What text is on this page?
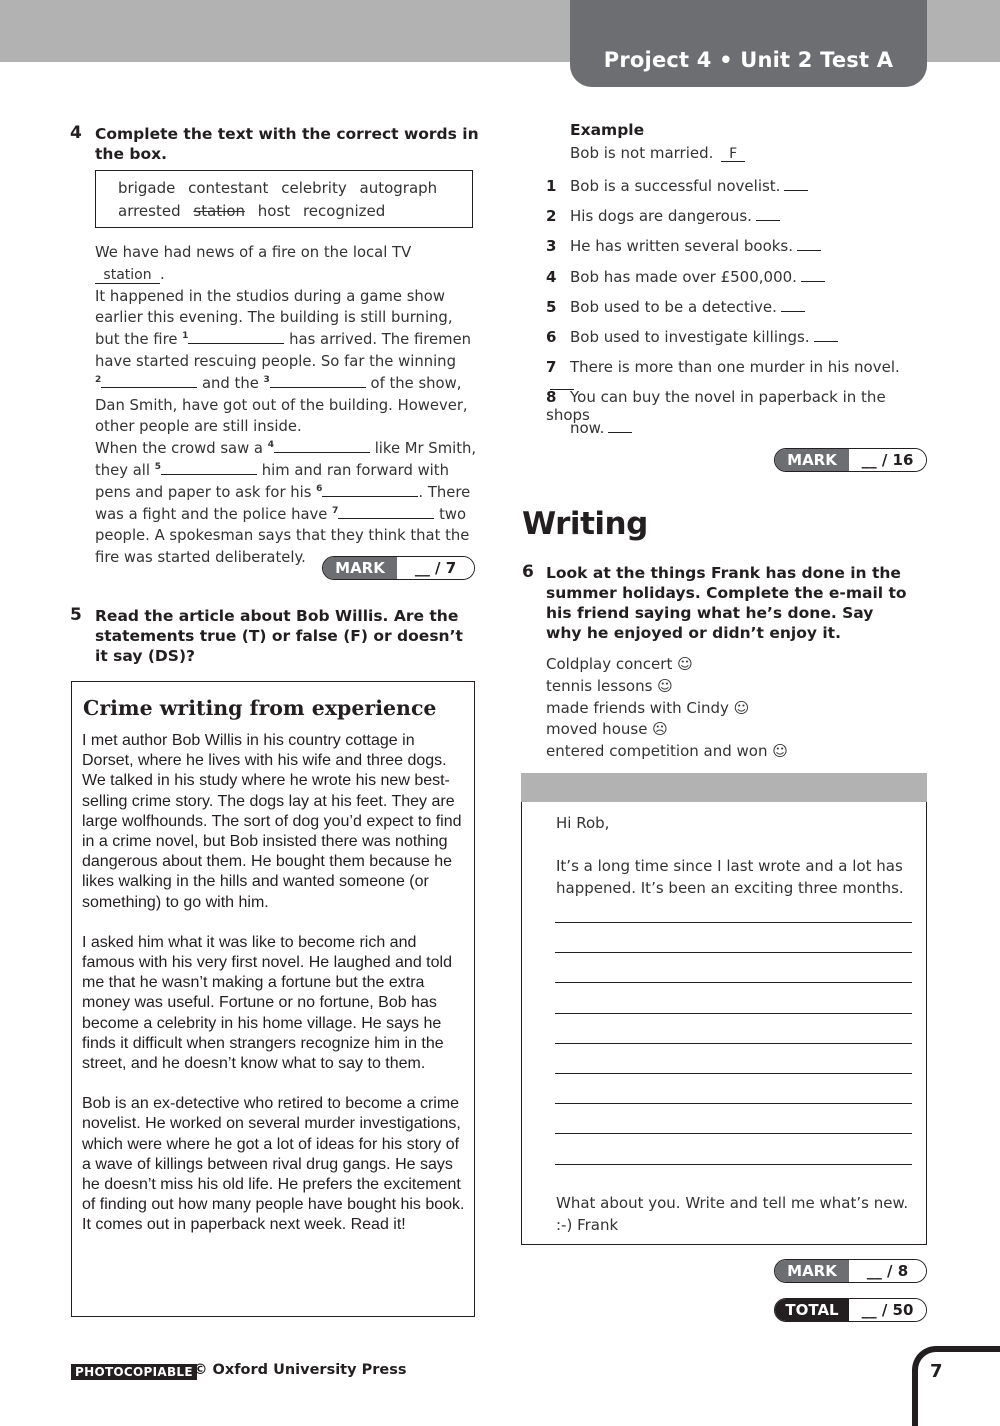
Project 4 • Unit 2 Test A
4 Complete the text with the correct words in the box.
brigade contestant celebrity autograph
arrested station host recognized
We have had news of a fire on the local TV station .
It happened in the studios during a game show
earlier this evening. The building is still burning,
but the fire $^1$	has arrived. The firemen
have started rescuing people. So far the winning
$^2$	and the $^3$	of the show,
Dan Smith, have got out of the building. However,
other people are still inside.
When the crowd saw a $^4$	like Mr Smith,
they all $^5$	him and ran forward with
pens and paper to ask for his $^6$	. There
was a fight and the police have $^7$	two
people. A spokesman says that they think that the
fire was started deliberately.
MARK	__ / 7
5 Read the article about Bob Willis. Are the statements true (T) or false (F) or doesn’t it say (DS)?
Crime writing from experience

I met author Bob Willis in his country cottage in Dorset, where he lives with his wife and three dogs. We talked in his study where he wrote his new best-selling crime story. The dogs lay at his feet. They are large wolfhounds. The sort of dog you’d expect to find in a crime novel, but Bob insisted there was nothing dangerous about them. He bought them because he likes walking in the hills and wanted someone (or something) to go with him.

I asked him what it was like to become rich and famous with his very first novel. He laughed and told me that he wasn’t making a fortune but the extra money was useful. Fortune or no fortune, Bob has become a celebrity in his home village. He says he finds it difficult when strangers recognize him in the street, and he doesn’t know what to say to them.

Bob is an ex-detective who retired to become a crime novelist. He worked on several murder investigations, which were where he got a lot of ideas for his story of a wave of killings between rival drug gangs. He says he doesn’t miss his old life. He prefers the excitement of finding out how many people have bought his book. It comes out in paperback next week. Read it!

Example
Bob is not married. F
1 Bob is a successful novelist.
2 His dogs are dangerous.
3 He has written several books.
4 Bob has made over £500,000.
5 Bob used to be a detective.
6 Bob used to investigate killings.
7 There is more than one murder in his novel.
8 You can buy the novel in paperback in the shops
now.
MARK	__ / 16
Writing
6 Look at the things Frank has done in the summer holidays. Complete the e-mail to his friend saying what he’s done. Say why he enjoyed or didn’t enjoy it.
Coldplay concert ☺
tennis lessons ☺
made friends with Cindy ☺
moved house ☹
entered competition and won ☺
Hi Rob,
It’s a long time since I last wrote and a lot has
happened. It’s been an exciting three months.
What about you. Write and tell me what’s new.
:-) Frank
MARK	__ / 8
TOTAL	__ / 50
PHOTOCOPIABLE © Oxford University Press	7
